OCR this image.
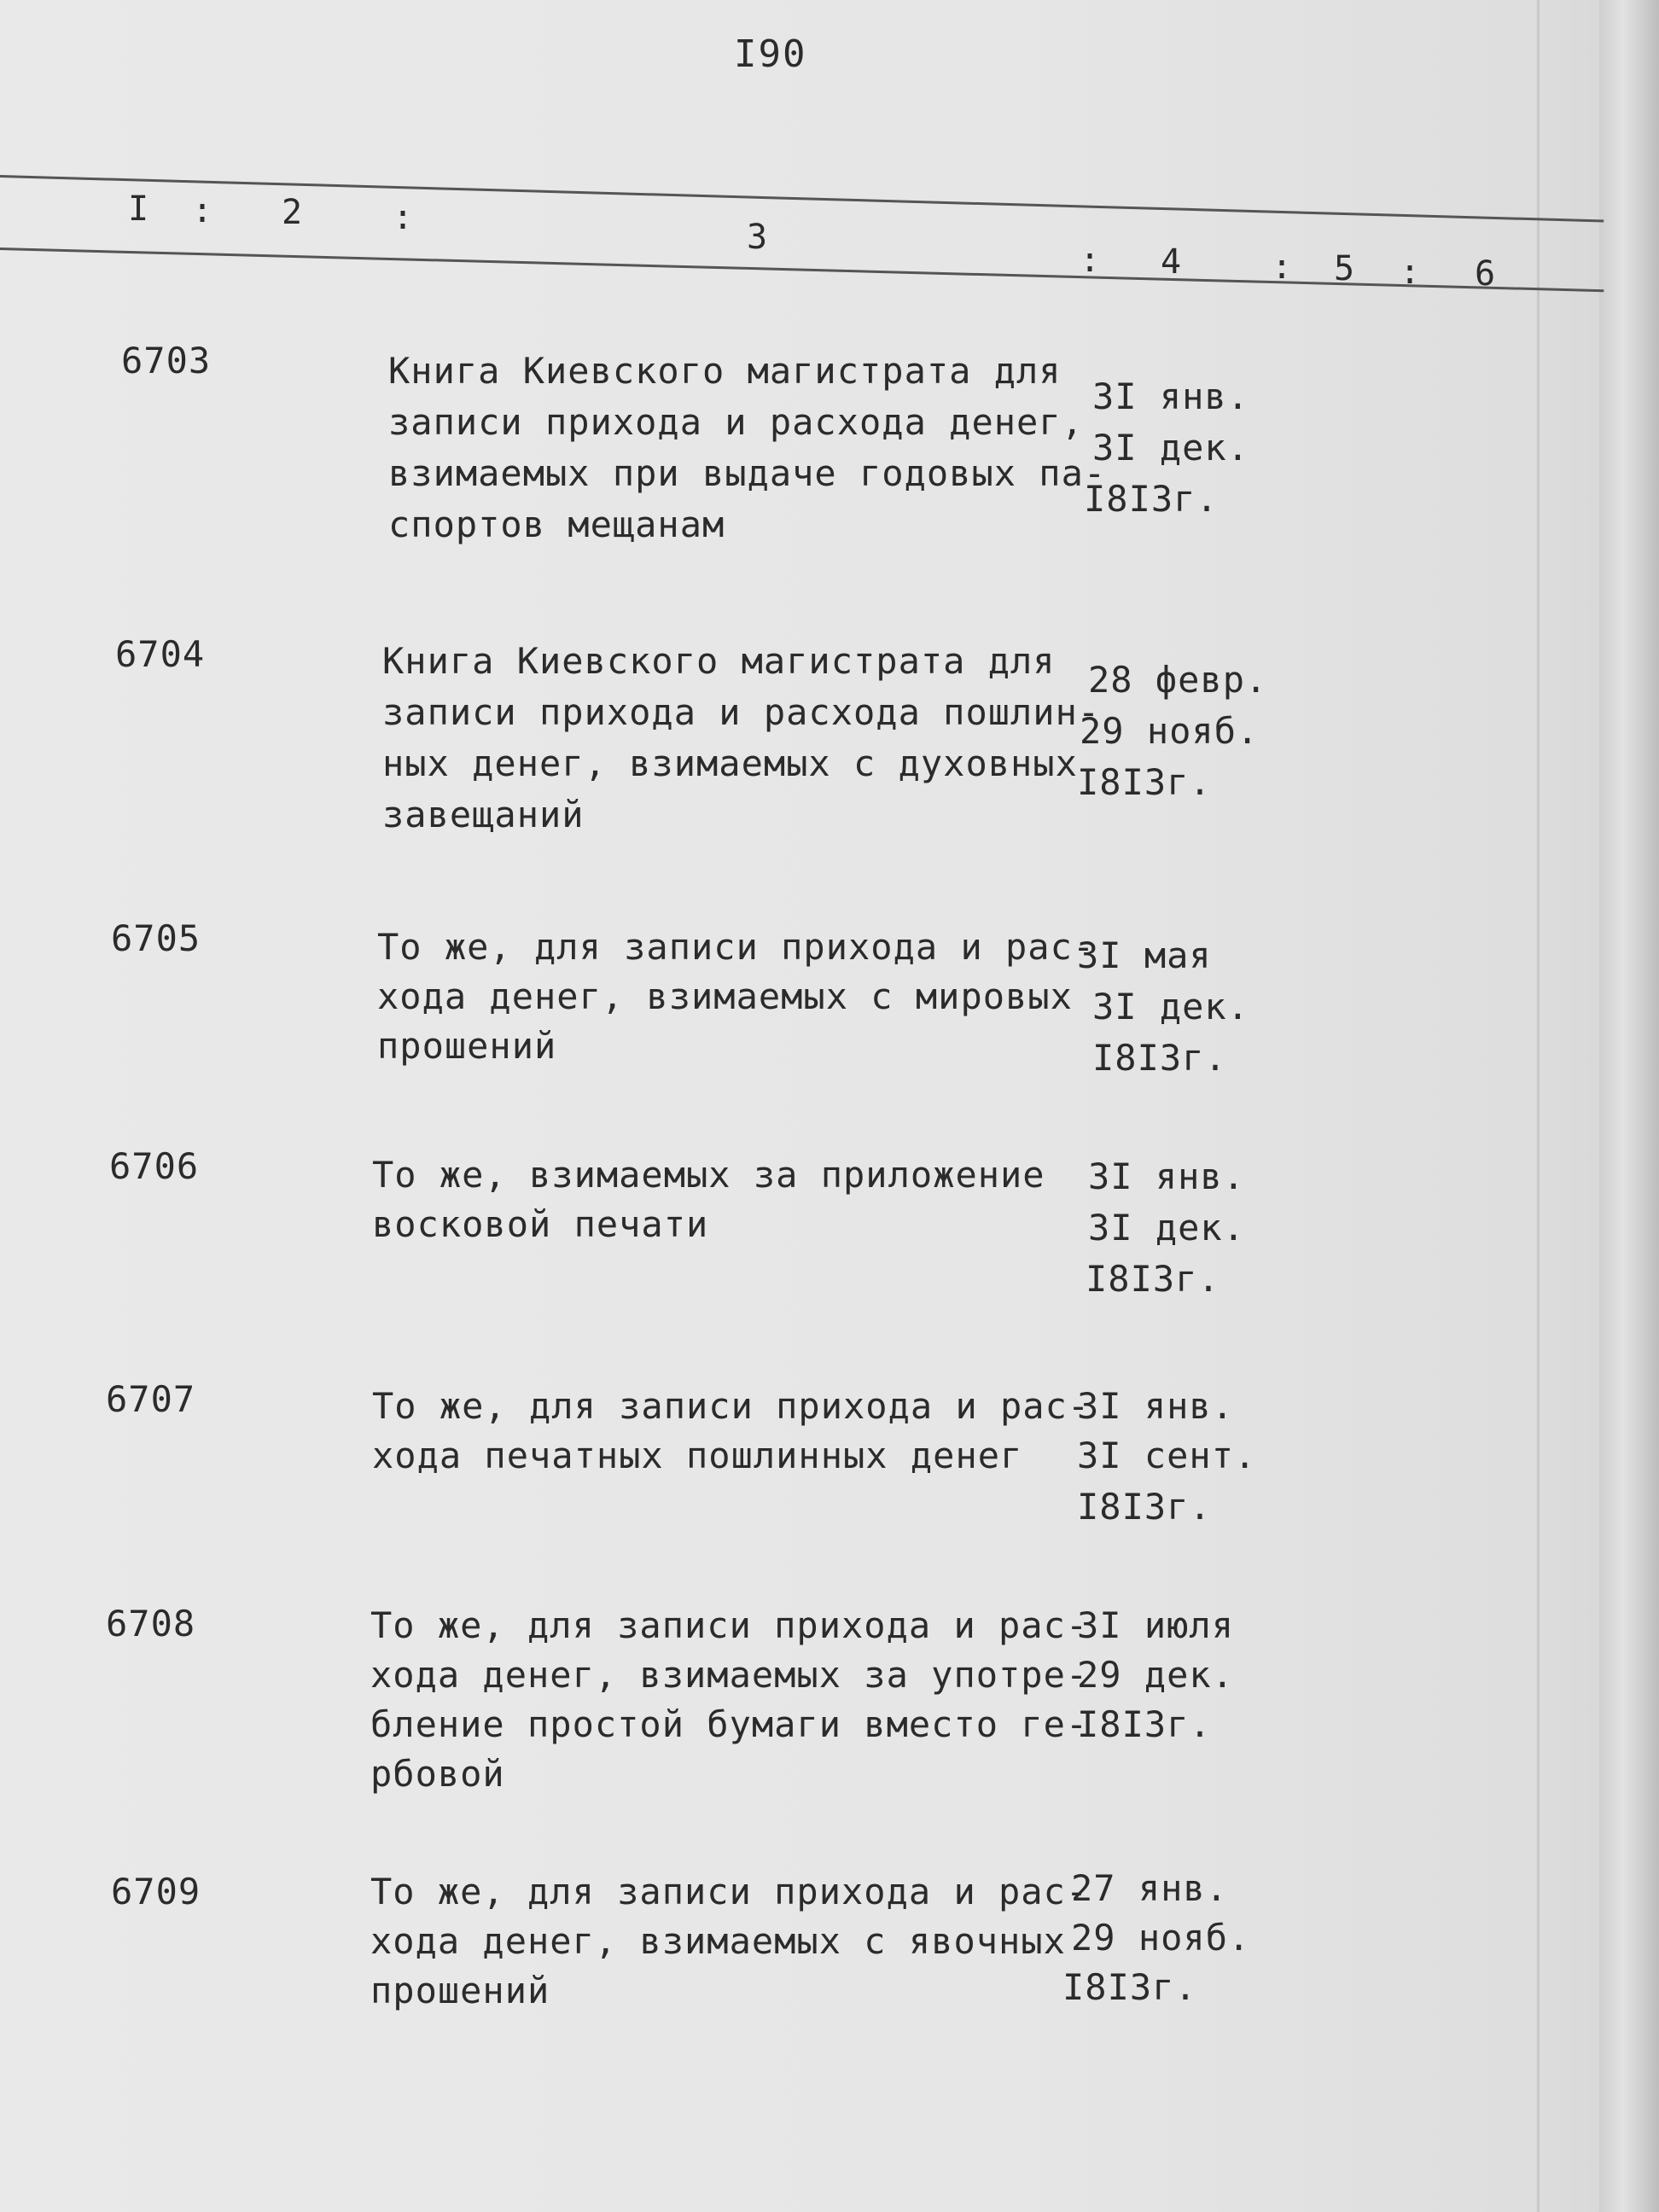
I90
I : 2	:	3
: 4	: 5 : 6
6703	Книга Киевского магистрата для
записи прихода и расхода денег,
взимаемых при выдаче годовых па-
спортов мещанам
3I янв.
3I дек.
I8I3г.
6704	Книга Киевского магистрата для
записи прихода и расхода пошлин-
ных денег, взимаемых с духовных
завещаний
28 февр.
29 нояб.
I8I3г.
6705	То же, для записи прихода и рас-
хода денег, взимаемых с мировых
прошений
3I мая
3I дек.
I8I3г.
6706	То же, взимаемых за приложение
восковой печати
3I янв.
3I дек.
I8I3г.
6707	То же, для записи прихода и рас-
хода печатных пошлинных денег
3I янв.
3I сент.
I8I3г.
6708	То же, для записи прихода и рас-
хода денег, взимаемых за употре-
бление простой бумаги вместо ге-
рбовой
3I июля
29 дек.
I8I3г.
6709	То же, для записи прихода и рас-
хода денег, взимаемых с явочных
прошений
27 янв.
29 нояб.
I8I3г.
